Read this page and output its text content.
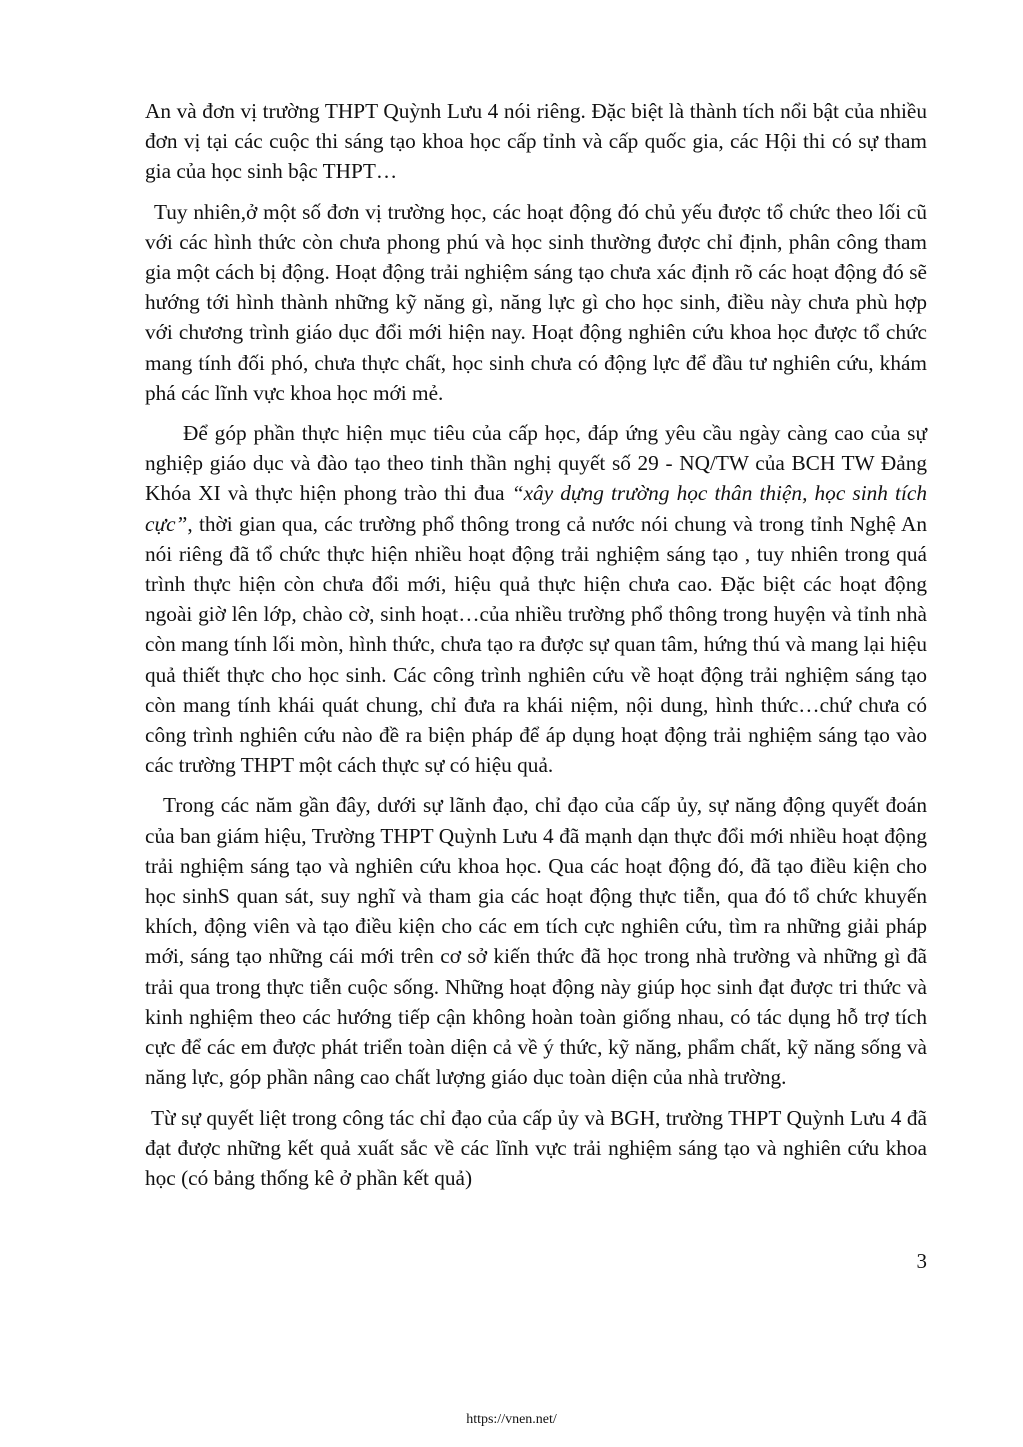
An và đơn vị trường THPT Quỳnh Lưu 4 nói riêng. Đặc biệt là thành tích nổi bật của nhiều đơn vị tại các cuộc thi sáng tạo khoa học cấp tỉnh và cấp quốc gia, các Hội thi có sự tham gia của học sinh bậc THPT…

Tuy nhiên,ở một số đơn vị trường học, các hoạt động đó chủ yếu được tổ chức theo lối cũ với các hình thức còn chưa phong phú và học sinh thường được chỉ định, phân công tham gia một cách bị động. Hoạt động trải nghiệm sáng tạo chưa xác định rõ các hoạt động đó sẽ hướng tới hình thành những kỹ năng gì, năng lực gì cho học sinh, điều này chưa phù hợp với chương trình giáo dục đổi mới hiện nay. Hoạt động nghiên cứu khoa học được tổ chức mang tính đối phó, chưa thực chất, học sinh chưa có động lực để đầu tư nghiên cứu, khám phá các lĩnh vực khoa học mới mẻ.

Để góp phần thực hiện mục tiêu của cấp học, đáp ứng yêu cầu ngày càng cao của sự nghiệp giáo dục và đào tạo theo tinh thần nghị quyết số 29 - NQ/TW của BCH TW Đảng Khóa XI và thực hiện phong trào thi đua “xây dựng trường học thân thiện, học sinh tích cực”, thời gian qua, các trường phổ thông trong cả nước nói chung và trong tỉnh Nghệ An nói riêng đã tổ chức thực hiện nhiều hoạt động trải nghiệm sáng tạo , tuy nhiên trong quá trình thực hiện còn chưa đổi mới, hiệu quả thực hiện chưa cao. Đặc biệt các hoạt động ngoài giờ lên lớp, chào cờ, sinh hoạt…của nhiều trường phổ thông trong huyện và tỉnh nhà còn mang tính lối mòn, hình thức, chưa tạo ra được sự quan tâm, hứng thú và mang lại hiệu quả thiết thực cho học sinh. Các công trình nghiên cứu về hoạt động trải nghiệm sáng tạo còn mang tính khái quát chung, chỉ đưa ra khái niệm, nội dung, hình thức…chứ chưa có công trình nghiên cứu nào đề ra biện pháp để áp dụng hoạt động trải nghiệm sáng tạo vào các trường THPT một cách thực sự có hiệu quả.

Trong các năm gần đây, dưới sự lãnh đạo, chỉ đạo của cấp ủy, sự năng động quyết đoán của ban giám hiệu, Trường THPT Quỳnh Lưu 4 đã mạnh dạn thực đổi mới nhiều hoạt động trải nghiệm sáng tạo và nghiên cứu khoa học. Qua các hoạt động đó, đã tạo điều kiện cho học sinhS quan sát, suy nghĩ và tham gia các hoạt động thực tiễn, qua đó tổ chức khuyến khích, động viên và tạo điều kiện cho các em tích cực nghiên cứu, tìm ra những giải pháp mới, sáng tạo những cái mới trên cơ sở kiến thức đã học trong nhà trường và những gì đã trải qua trong thực tiễn cuộc sống. Những hoạt động này giúp học sinh đạt được tri thức và kinh nghiệm theo các hướng tiếp cận không hoàn toàn giống nhau, có tác dụng hỗ trợ tích cực để các em được phát triển toàn diện cả về ý thức, kỹ năng, phẩm chất, kỹ năng sống và năng lực, góp phần nâng cao chất lượng giáo dục toàn diện của nhà trường.

Từ sự quyết liệt trong công tác chỉ đạo của cấp ủy và BGH, trường THPT Quỳnh Lưu 4 đã đạt được những kết quả xuất sắc về các lĩnh vực trải nghiệm sáng tạo và nghiên cứu khoa học (có bảng thống kê ở phần kết quả)

3
https://vnen.net/
